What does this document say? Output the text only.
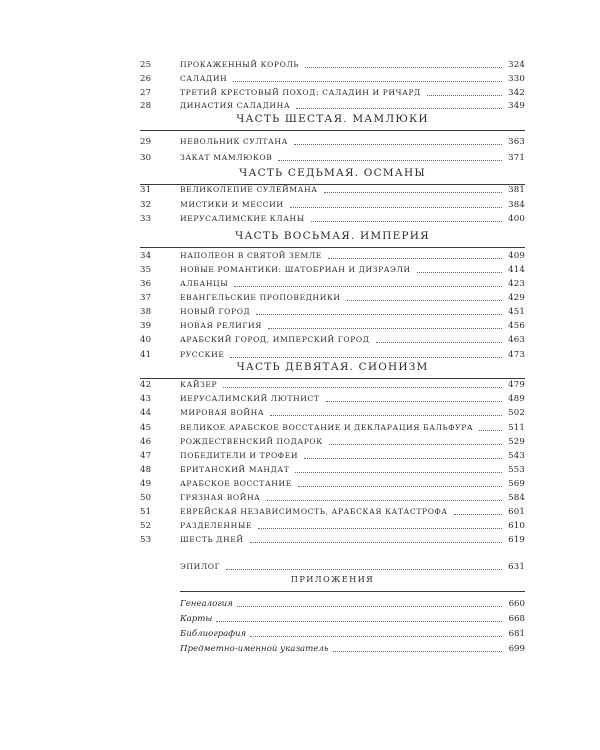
25	ПРОКАЖЕННЫЙ КОРОЛЬ	324
26	САЛАДИН	330
27	ТРЕТИЙ КРЕСТОВЫЙ ПОХОД: САЛАДИН И РИЧАРД	342
28	ДИНАСТИЯ САЛАДИНА	349
ЧАСТЬ ШЕСТАЯ. МАМЛЮКИ
29	НЕВОЛЬНИК СУЛТАНА	363
30	ЗАКАТ МАМЛЮКОВ	371
ЧАСТЬ СЕДЬМАЯ. ОСМАНЫ
31	ВЕЛИКОЛЕПИЕ СУЛЕЙМАНА	381
32	МИСТИКИ И МЕССИИ	384
33	ИЕРУСАЛИМСКИЕ КЛАНЫ	400
ЧАСТЬ ВОСЬМАЯ. ИМПЕРИЯ
34	НАПОЛЕОН В СВЯТОЙ ЗЕМЛЕ	409
35	НОВЫЕ РОМАНТИКИ: ШАТОБРИАН И ДИЗРАЭЛИ	414
36	АЛБАНЦЫ	423
37	ЕВАНГЕЛЬСКИЕ ПРОПОВЕДНИКИ	429
38	НОВЫЙ ГОРОД	451
39	НОВАЯ РЕЛИГИЯ	456
40	АРАБСКИЙ ГОРОД, ИМПЕРСКИЙ ГОРОД	463
41	РУССКИЕ	473
ЧАСТЬ ДЕВЯТАЯ. СИОНИЗМ
42	КАЙЗЕР	479
43	ИЕРУСАЛИМСКИЙ ЛЮТНИСТ	489
44	МИРОВАЯ ВОЙНА	502
45	ВЕЛИКОЕ АРАБСКОЕ ВОССТАНИЕ И ДЕКЛАРАЦИЯ БАЛЬФУРА	511
46	РОЖДЕСТВЕНСКИЙ ПОДАРОК	529
47	ПОБЕДИТЕЛИ И ТРОФЕИ	543
48	БРИТАНСКИЙ МАНДАТ	553
49	АРАБСКОЕ ВОССТАНИЕ	569
50	ГРЯЗНАЯ ВОЙНА	584
51	ЕВРЕЙСКАЯ НЕЗАВИСИМОСТЬ, АРАБСКАЯ КАТАСТРОФА	601
52	РАЗДЕЛЕННЫЕ	610
53	ШЕСТЬ ДНЕЙ	619
ЭПИЛОГ	631
ПРИЛОЖЕНИЯ
Генеалогия	660
Карты	668
Библиография	681
Предметно-именной указатель	699
